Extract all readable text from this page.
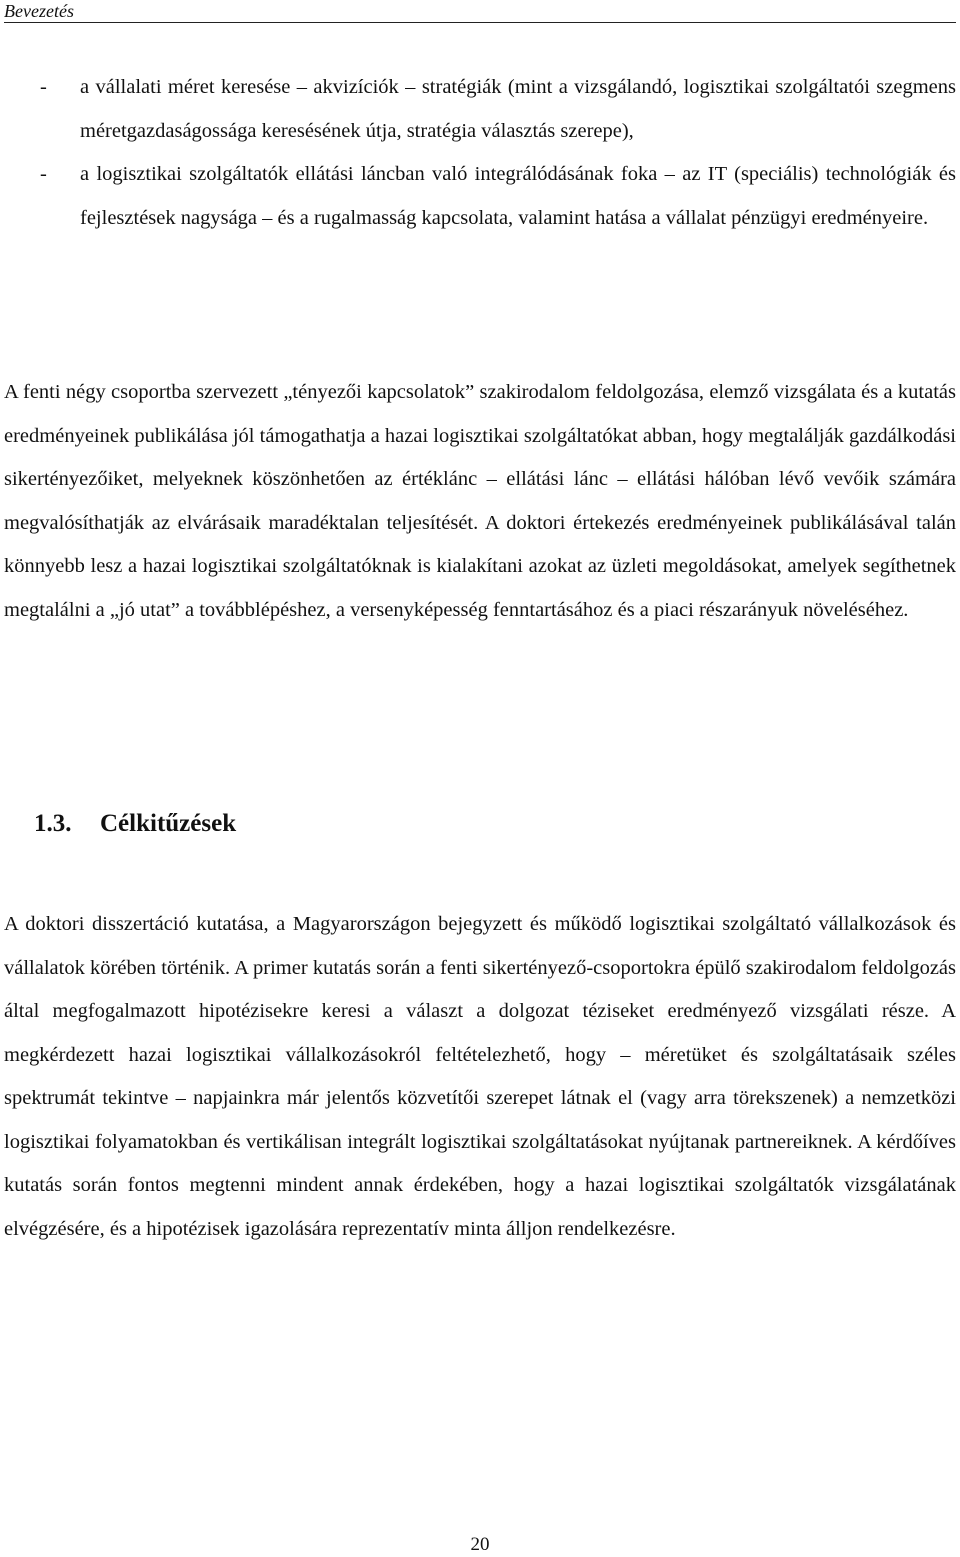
Bevezetés
- a vállalati méret keresése – akvizíciók – stratégiák (mint a vizsgálandó, logisztikai szolgáltatói szegmens méretgazdaságossága keresésének útja, stratégia választás szerepe),
- a logisztikai szolgáltatók ellátási láncban való integrálódásának foka – az IT (speciális) technológiák és fejlesztések nagysága – és a rugalmasság kapcsolata, valamint hatása a vállalat pénzügyi eredményeire.

A fenti négy csoportba szervezett „tényezői kapcsolatok” szakirodalom feldolgozása, elemző vizsgálata és a kutatás eredményeinek publikálása jól támogathatja a hazai logisztikai szolgáltatókat abban, hogy megtalálják gazdálkodási sikertényezőiket, melyeknek köszönhetően az értéklánc – ellátási lánc – ellátási hálóban lévő vevőik számára megvalósíthatják az elvárásaik maradéktalan teljesítését. A doktori értekezés eredményeinek publikálásával talán könnyebb lesz a hazai logisztikai szolgáltatóknak is kialakítani azokat az üzleti megoldásokat, amelyek segíthetnek megtalálni a „jó utat” a továbblépéshez, a versenyképesség fenntartásához és a piaci részarányuk növeléséhez.

1.3. Célkitűzések

A doktori disszertáció kutatása, a Magyarországon bejegyzett és működő logisztikai szolgáltató vállalkozások és vállalatok körében történik. A primer kutatás során a fenti sikertényező-csoportokra épülő szakirodalom feldolgozás által megfogalmazott hipotézisekre keresi a választ a dolgozat téziseket eredményező vizsgálati része. A megkérdezett hazai logisztikai vállalkozásokról feltételezhető, hogy – méretüket és szolgáltatásaik széles spektrumát tekintve – napjainkra már jelentős közvetítői szerepet látnak el (vagy arra törekszenek) a nemzetközi logisztikai folyamatokban és vertikálisan integrált logisztikai szolgáltatásokat nyújtanak partnereiknek. A kérdőíves kutatás során fontos megtenni mindent annak érdekében, hogy a hazai logisztikai szolgáltatók vizsgálatának elvégzésére, és a hipotézisek igazolására reprezentatív minta álljon rendelkezésre.

20
